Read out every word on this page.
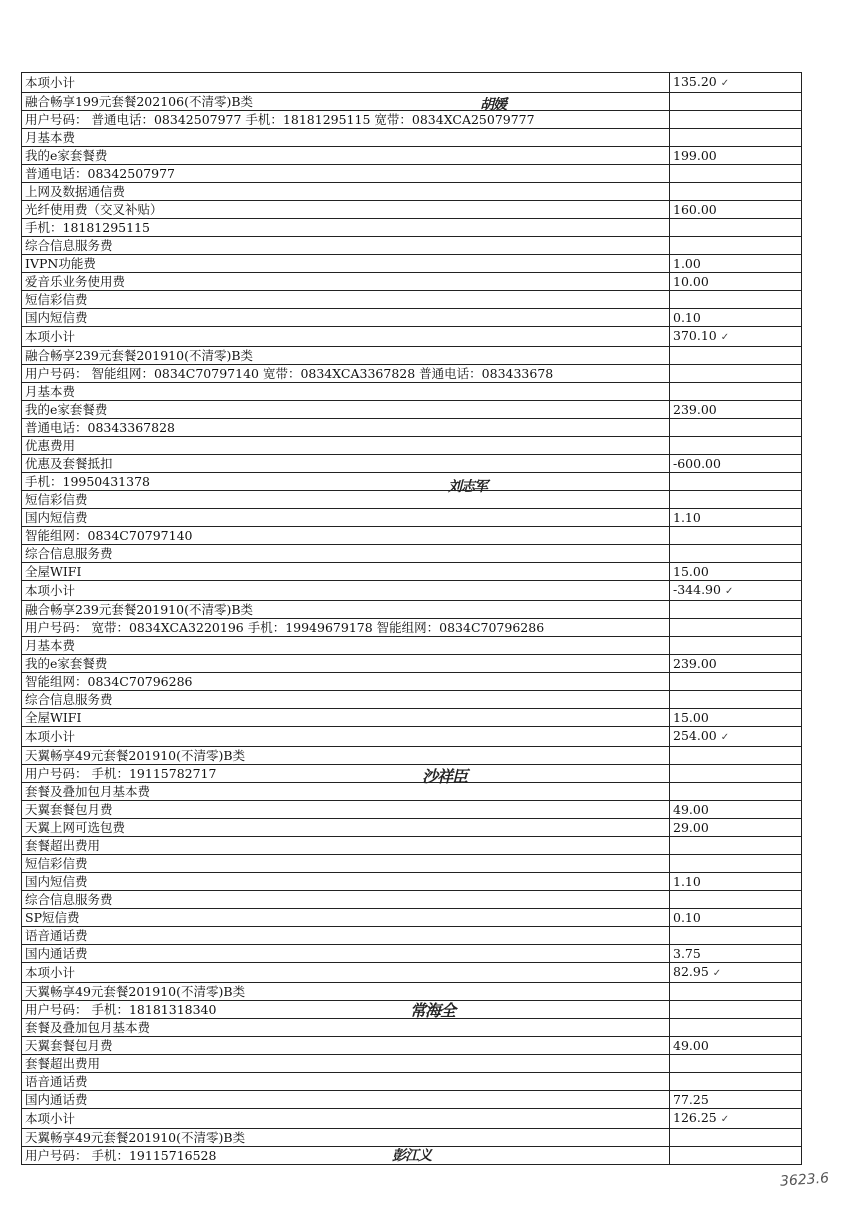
本项小计	135.20 ✓
融合畅享199元套餐202106(不清零)B类	
用户号码： 普通电话：08342507977 手机：18181295115 宽带：0834XCA25079777	
月基本费	
我的e家套餐费	199.00
普通电话：08342507977	
上网及数据通信费	
光纤使用费（交叉补贴）	160.00
手机：18181295115	
综合信息服务费	
IVPN功能费	1.00
爱音乐业务使用费	10.00
短信彩信费	
国内短信费	0.10
本项小计	370.10 ✓
融合畅享239元套餐201910(不清零)B类	
用户号码： 智能组网：0834C70797140 宽带：0834XCA3367828 普通电话：083433678	
月基本费	
我的e家套餐费	239.00
普通电话：08343367828	
优惠费用	
优惠及套餐抵扣	-600.00
手机：19950431378	
短信彩信费	
国内短信费	1.10
智能组网：0834C70797140	
综合信息服务费	
全屋WIFI	15.00
本项小计	-344.90 ✓
融合畅享239元套餐201910(不清零)B类	
用户号码： 宽带：0834XCA3220196 手机：19949679178 智能组网：0834C70796286	
月基本费	
我的e家套餐费	239.00
智能组网：0834C70796286	
综合信息服务费	
全屋WIFI	15.00
本项小计	254.00 ✓
天翼畅享49元套餐201910(不清零)B类	
用户号码： 手机：19115782717	
套餐及叠加包月基本费	
天翼套餐包月费	49.00
天翼上网可选包费	29.00
套餐超出费用	
短信彩信费	
国内短信费	1.10
综合信息服务费	
SP短信费	0.10
语音通话费	
国内通话费	3.75
本项小计	82.95 ✓
天翼畅享49元套餐201910(不清零)B类	
用户号码： 手机：18181318340	
套餐及叠加包月基本费	
天翼套餐包月费	49.00
套餐超出费用	
语音通话费	
国内通话费	77.25
本项小计	126.25 ✓
天翼畅享49元套餐201910(不清零)B类	
用户号码： 手机：19115716528	
胡媛
刘志军
沙祥臣
常海全
彭江义
3623.6
